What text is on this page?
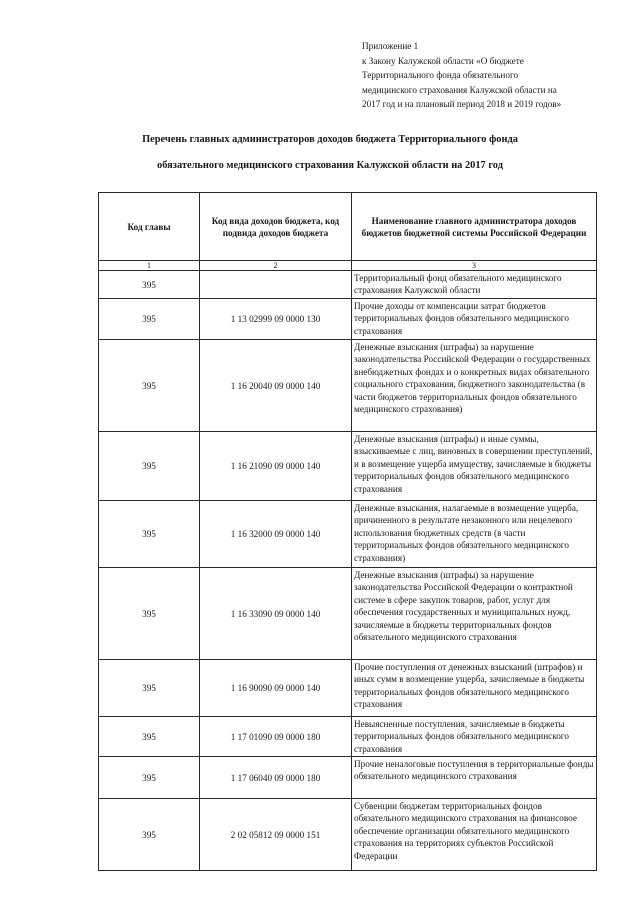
Приложение 1
к Закону Калужской области «О бюджете
Территориального фонда обязательного
медицинского страхования Калужской области на
2017 год и на плановый период 2018 и 2019 годов»
Перечень главных администраторов доходов бюджета Территориального фонда
обязательного медицинского страхования Калужской области на 2017 год
Код главы	Код вида доходов бюджета, код подвида доходов бюджета	Наименование главного администратора доходов бюджетов бюджетной системы Российской Федерации
1	2	3
395		Территориальный фонд обязательного медицинского страхования Калужской области
395	1 13 02999 09 0000 130	Прочие доходы от компенсации затрат бюджетов территориальных фондов обязательного медицинского страхования
395	1 16 20040 09 0000 140	Денежные взыскания (штрафы) за нарушение законодательства Российской Федерации о государственных внебюджетных фондах и о конкретных видах обязательного социального страхования, бюджетного законодательства (в части бюджетов территориальных фондов обязательного медицинского страхования)
395	1 16 21090 09 0000 140	Денежные взыскания (штрафы) и иные суммы, взыскиваемые с лиц, виновных в совершении преступлений, и в возмещение ущерба имуществу, зачисляемые в бюджеты территориальных фондов обязательного медицинского страхования
395	1 16 32000 09 0000 140	Денежные взыскания, налагаемые в возмещение ущерба, причиненного в результате незаконного или нецелевого использования бюджетных средств (в части территориальных фондов обязательного медицинского страхования)
395	1 16 33090 09 0000 140	Денежные взыскания (штрафы) за нарушение законодательства Российской Федерации о контрактной системе в сфере закупок товаров, работ, услуг для обеспечения государственных и муниципальных нужд, зачисляемые в бюджеты территориальных фондов обязательного медицинского страхования
395	1 16 90090 09 0000 140	Прочие поступления от денежных взысканий (штрафов) и иных сумм в возмещение ущерба, зачисляемые в бюджеты территориальных фондов обязательного медицинского страхования
395	1 17 01090 09 0000 180	Невыясненные поступления, зачисляемые в бюджеты территориальных фондов обязательного медицинского страхования
395	1 17 06040 09 0000 180	Прочие неналоговые поступления в территориальные фонды обязательного медицинского страхования
395	2 02 05812 09 0000 151	Субвенции бюджетам территориальных фондов обязательного медицинского страхования на финансовое обеспечение организации обязательного медицинского страхования на территориях субъектов Российской Федерации
